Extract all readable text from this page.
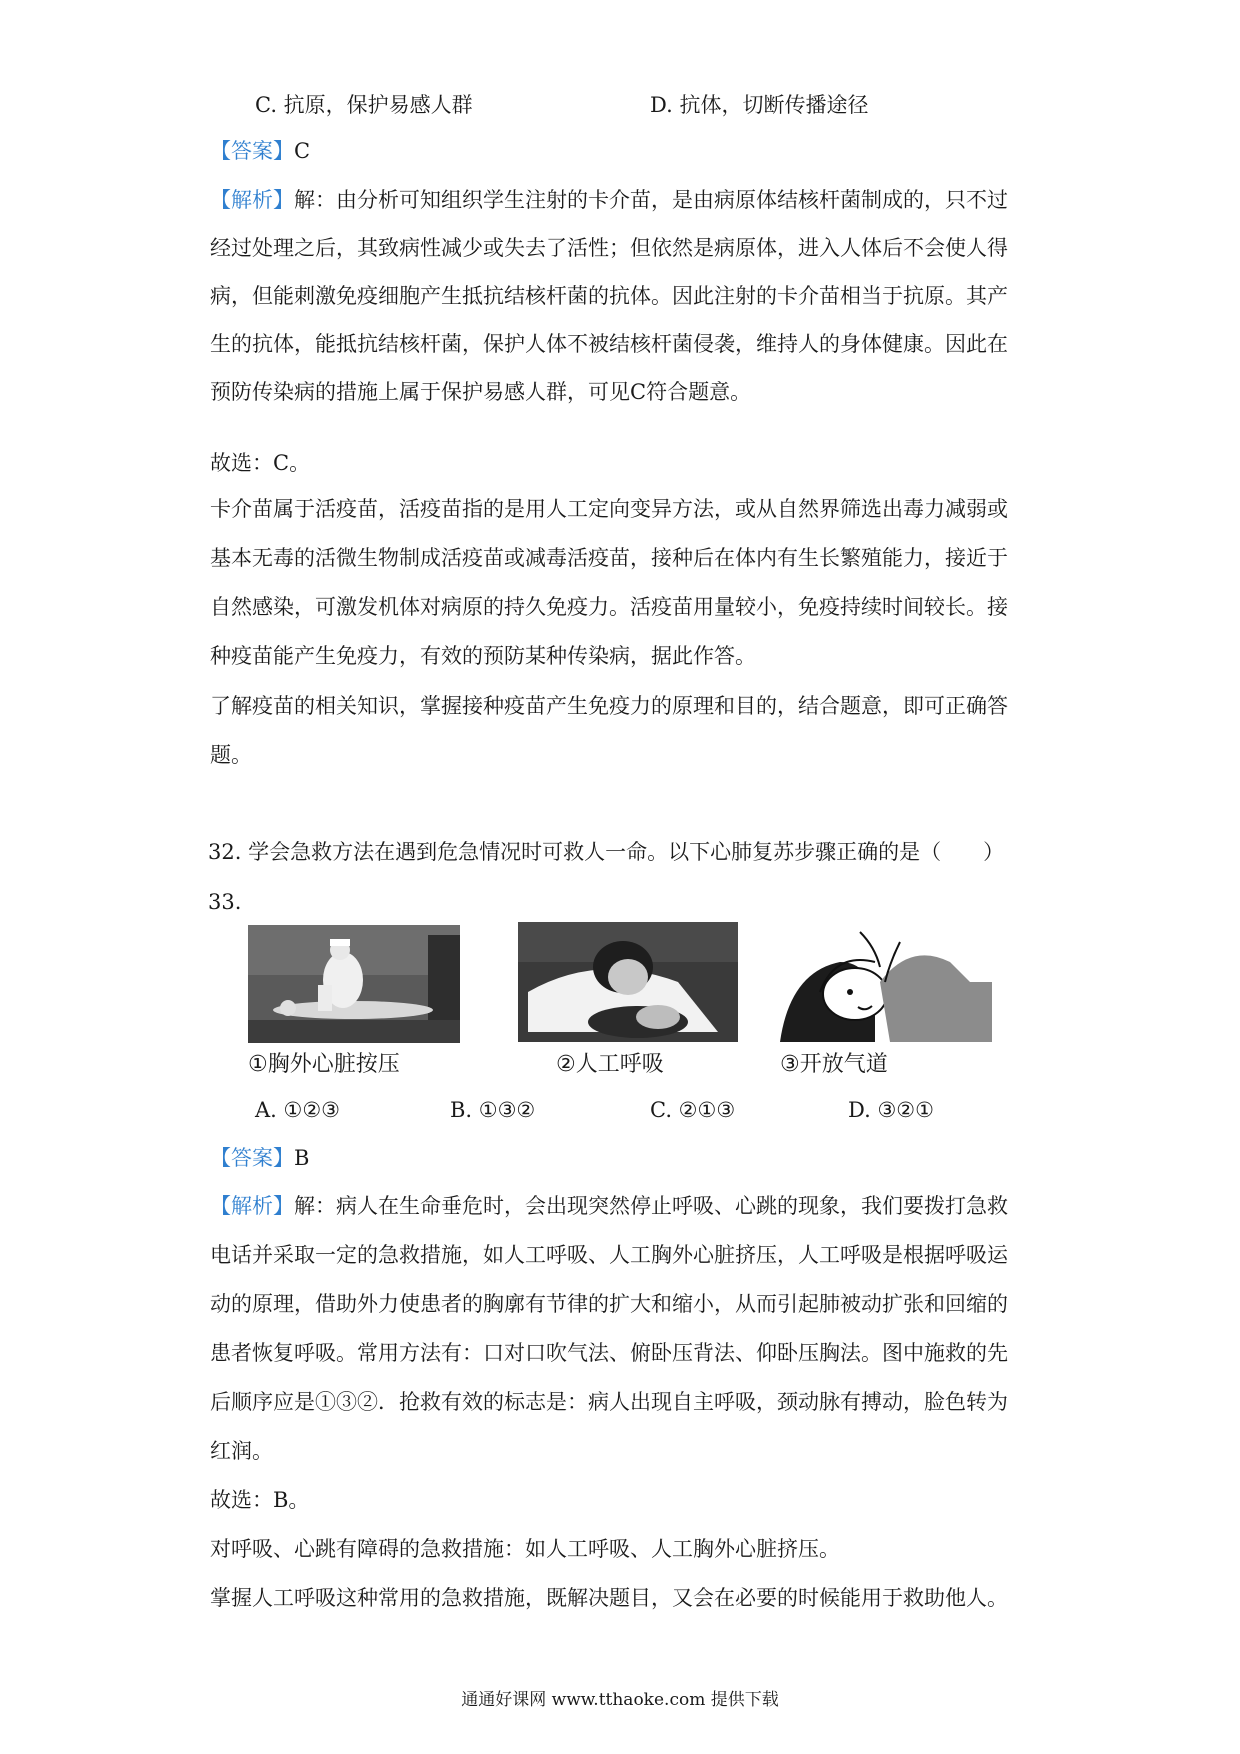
C. 抗原，保护易感人群	D. 抗体，切断传播途径
【答案】C
【解析】解：由分析可知组织学生注射的卡介苗，是由病原体结核杆菌制成的，只不过
经过处理之后，其致病性减少或失去了活性；但依然是病原体，进入人体后不会使人得
病，但能刺激免疫细胞产生抵抗结核杆菌的抗体。因此注射的卡介苗相当于抗原。其产
生的抗体，能抵抗结核杆菌，保护人体不被结核杆菌侵袭，维持人的身体健康。因此在
预防传染病的措施上属于保护易感人群，可见C符合题意。
故选：C。
卡介苗属于活疫苗，活疫苗指的是用人工定向变异方法，或从自然界筛选出毒力减弱或
基本无毒的活微生物制成活疫苗或减毒活疫苗，接种后在体内有生长繁殖能力，接近于
自然感染，可激发机体对病原的持久免疫力。活疫苗用量较小，免疫持续时间较长。接
种疫苗能产生免疫力，有效的预防某种传染病，据此作答。
了解疫苗的相关知识，掌握接种疫苗产生免疫力的原理和目的，结合题意，即可正确答
题。
32. 学会急救方法在遇到危急情况时可救人一命。以下心肺复苏步骤正确的是（　　）
33.
①胸外心脏按压	②人工呼吸	③开放气道
A. ①②③	B. ①③②	C. ②①③	D. ③②①
【答案】B
【解析】解：病人在生命垂危时，会出现突然停止呼吸、心跳的现象，我们要拨打急救
电话并采取一定的急救措施，如人工呼吸、人工胸外心脏挤压，人工呼吸是根据呼吸运
动的原理，借助外力使患者的胸廓有节律的扩大和缩小，从而引起肺被动扩张和回缩的
患者恢复呼吸。常用方法有：口对口吹气法、俯卧压背法、仰卧压胸法。图中施救的先
后顺序应是①③②．抢救有效的标志是：病人出现自主呼吸，颈动脉有搏动，脸色转为
红润。
故选：B。
对呼吸、心跳有障碍的急救措施：如人工呼吸、人工胸外心脏挤压。
掌握人工呼吸这种常用的急救措施，既解决题目，又会在必要的时候能用于救助他人。
通通好课网 www.tthaoke.com 提供下载
